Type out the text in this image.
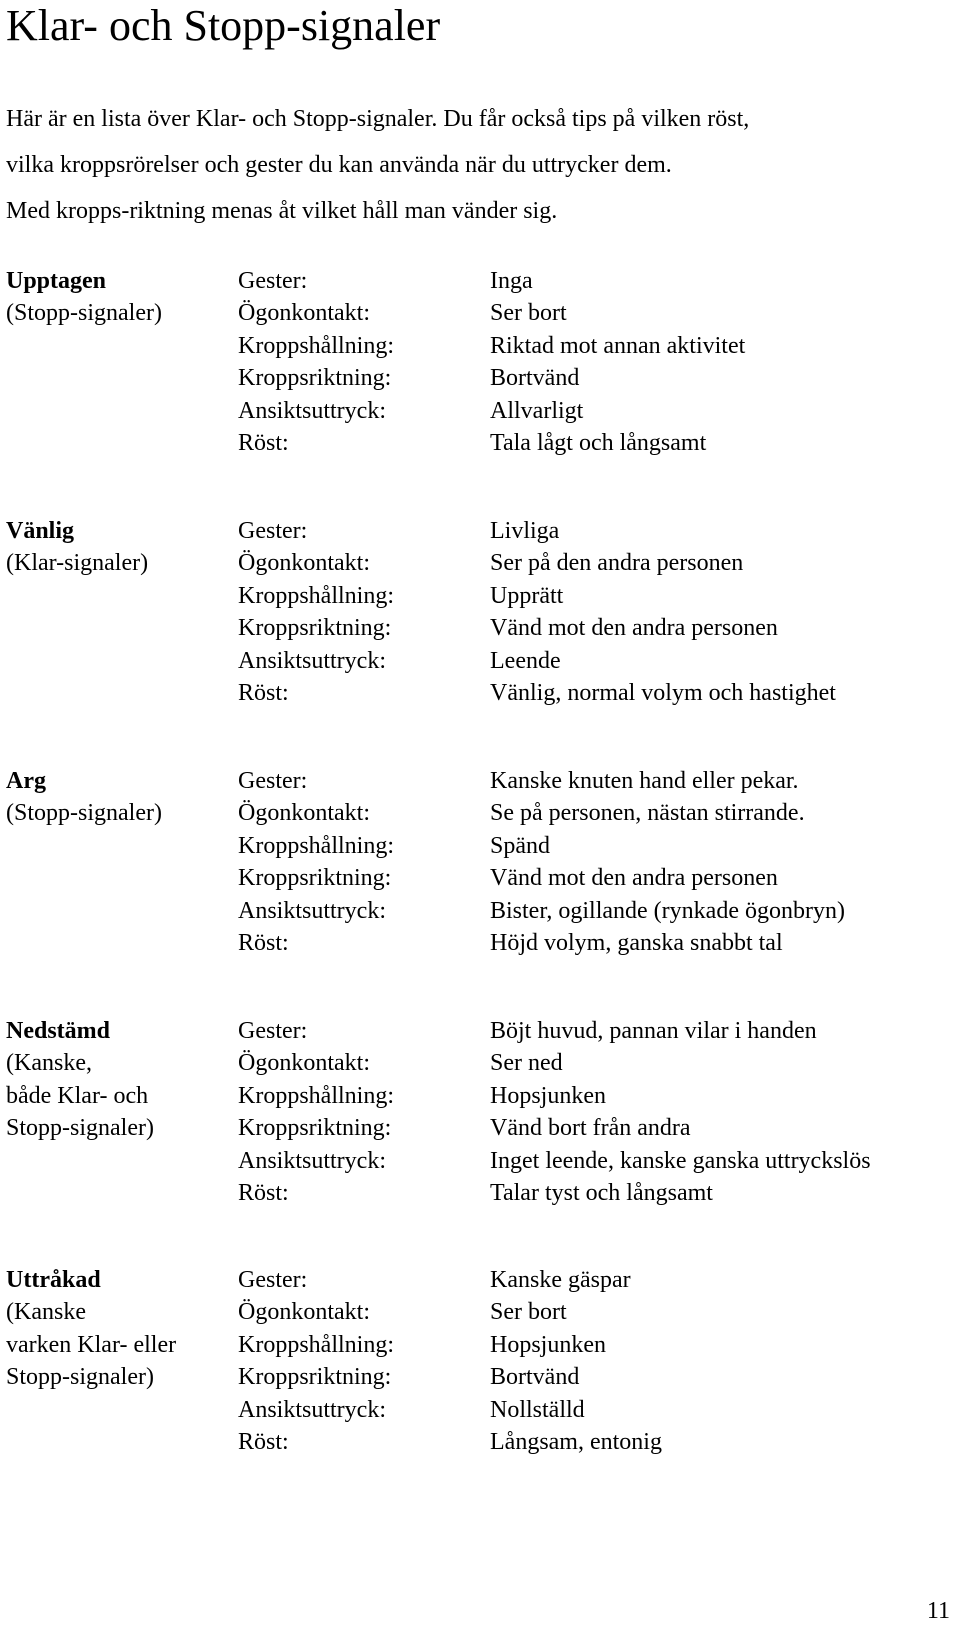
Klar- och Stopp-signaler
Här är en lista över Klar- och Stopp-signaler. Du får också tips på vilken röst,
vilka kroppsrörelser och gester du kan använda när du uttrycker dem.
Med kropps-riktning menas åt vilket håll man vänder sig.
Upptagen	Gester:	Inga
(Stopp-signaler)	Ögonkontakt:	Ser bort
Kroppshållning:	Riktad mot annan aktivitet
Kroppsriktning:	Bortvänd
Ansiktsuttryck:	Allvarligt
Röst:	Tala lågt och långsamt
Vänlig	Gester:	Livliga
(Klar-signaler)	Ögonkontakt:	Ser på den andra personen
Kroppshållning:	Upprätt
Kroppsriktning:	Vänd mot den andra personen
Ansiktsuttryck:	Leende
Röst:	Vänlig, normal volym och hastighet
Arg	Gester:	Kanske knuten hand eller pekar.
(Stopp-signaler)	Ögonkontakt:	Se på personen, nästan stirrande.
Kroppshållning:	Spänd
Kroppsriktning:	Vänd mot den andra personen
Ansiktsuttryck:	Bister, ogillande (rynkade ögonbryn)
Röst:	Höjd volym, ganska snabbt tal
Nedstämd	Gester:	Böjt huvud, pannan vilar i handen
(Kanske,	Ögonkontakt:	Ser ned
både Klar- och	Kroppshållning:	Hopsjunken
Stopp-signaler)	Kroppsriktning:	Vänd bort från andra
Ansiktsuttryck:	Inget leende, kanske ganska uttryckslös
Röst:	Talar tyst och långsamt
Uttråkad	Gester:	Kanske gäspar
(Kanske	Ögonkontakt:	Ser bort
varken Klar- eller	Kroppshållning:	Hopsjunken
Stopp-signaler)	Kroppsriktning:	Bortvänd
Ansiktsuttryck:	Nollställd
Röst:	Långsam, entonig
11
